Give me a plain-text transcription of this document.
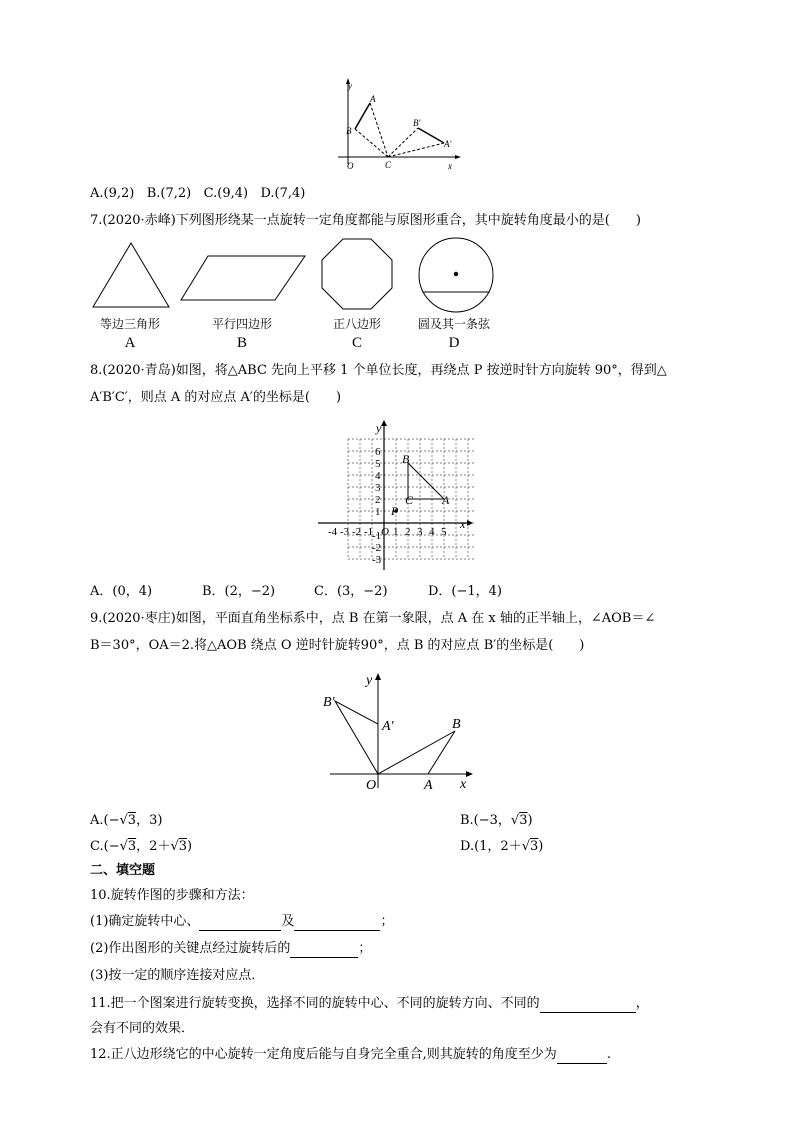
y
x
O
A
B
C
B'
A'
A.(9,2)   B.(7,2)   C.(9,4)   D.(7,4)
7.(2020·赤峰)下列图形绕某一点旋转一定角度都能与原图形重合，其中旋转角度最小的是(　　)
等边三角形	平行四边形	正八边形	圆及其一条弦
A	B	C	D
8.(2020·青岛)如图，将△ABC 先向上平移 1 个单位长度，再绕点 P 按逆时针方向旋转 90°，得到△
A′B′C′，则点 A 的对应点 A′的坐标是(　　)
y
x
B
A
C
P
-4 -3 -2 -1 O 1 2 3 4 5
6
5
4
3
2
1
-1
-2
-3
A．(0，4)	B．(2，−2)	C．(3，−2)	D．(−1，4)
9.(2020·枣庄)如图，平面直角坐标系中，点 B 在第一象限，点 A 在 x 轴的正半轴上，∠AOB＝∠
B＝30°，OA＝2.将△AOB 绕点 O 逆时针旋转90°，点 B 的对应点 B′的坐标是(　　)
y
x
O	A
B
A′
B′
A.(−√3，3)	B.(−3，√3)
C.(−√3，2＋√3)	D.(1，2＋√3)
二、填空题
10.旋转作图的步骤和方法：
(1)确定旋转中心、	及	；
(2)作出图形的关键点经过旋转后的	；
(3)按一定的顺序连接对应点．
11.把一个图案进行旋转变换，选择不同的旋转中心、不同的旋转方向、不同的	，
会有不同的效果．
12.正八边形绕它的中心旋转一定角度后能与自身完全重合,则其旋转的角度至少为	.
